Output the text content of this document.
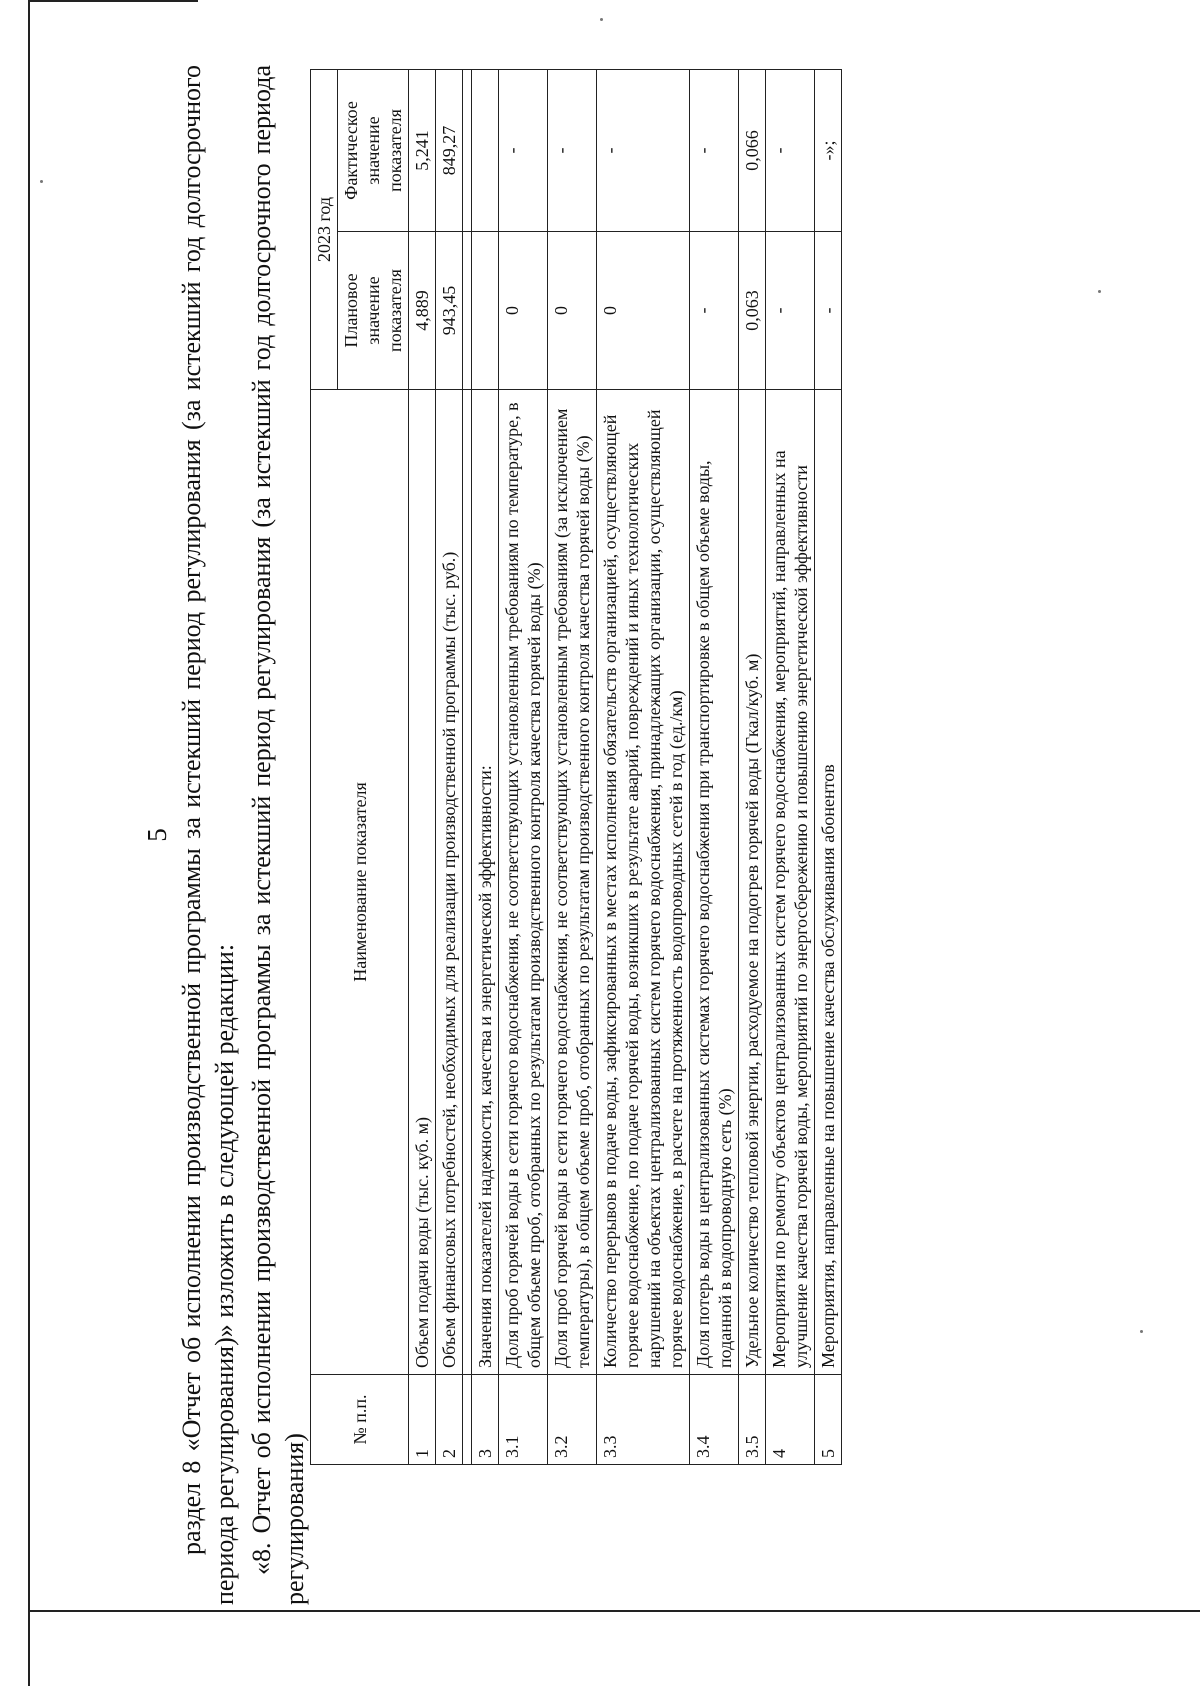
5 раздел 8 «Отчет об исполнении производственной программы за истекший период регулирования (за истекший год долгосрочного периода регулирования)» изложить в следующей редакции: «8. Отчет об исполнении производственной программы за истекший период регулирования (за истекший год долгосрочного периода регулирования)

№ п.п.	Наименование показателя	2023 год	
		Плановое значение показателя	Фактическое значение показателя
1	Объем подачи воды (тыс. куб. м)	4,889	5,241
2	Объем финансовых потребностей, необходимых для реализации производственной программы (тыс. руб.)	943,45	849,27

3	Значения показателей надежности, качества и энергетической эффективности:		
3.1	Доля проб горячей воды в сети горячего водоснабжения, не соответствующих установленным требованиям по температуре, в общем объеме проб, отобранных по результатам производственного контроля качества горячей воды (%)	0	-
3.2	Доля проб горячей воды в сети горячего водоснабжения, не соответствующих установленным требованиям (за исключением температуры), в общем объеме проб, отобранных по результатам производственного контроля качества горячей воды (%)	0	-
3.3	Количество перерывов в подаче воды, зафиксированных в местах исполнения обязательств организацией, осуществляющей горячее водоснабжение, по подаче горячей воды, возникших в результате аварий, повреждений и иных технологических нарушений на объектах централизованных систем горячего водоснабжения, принадлежащих организации, осуществляющей горячее водоснабжение, в расчете на протяженность водопроводных сетей в год (ед./км)	0	-
3.4	Доля потерь воды в централизованных системах горячего водоснабжения при транспортировке в общем объеме воды, поданной в водопроводную сеть (%)	-	-
3.5	Удельное количество тепловой энергии, расходуемое на подогрев горячей воды (Гкал/куб. м)	0,063	0,066
4	Мероприятия по ремонту объектов централизованных систем горячего водоснабжения, мероприятий, направленных на улучшение качества горячей воды, мероприятий по энергосбережению и повышению энергетической эффективности	-	-
5	Мероприятия, направленные на повышение качества обслуживания абонентов	-	-»;
